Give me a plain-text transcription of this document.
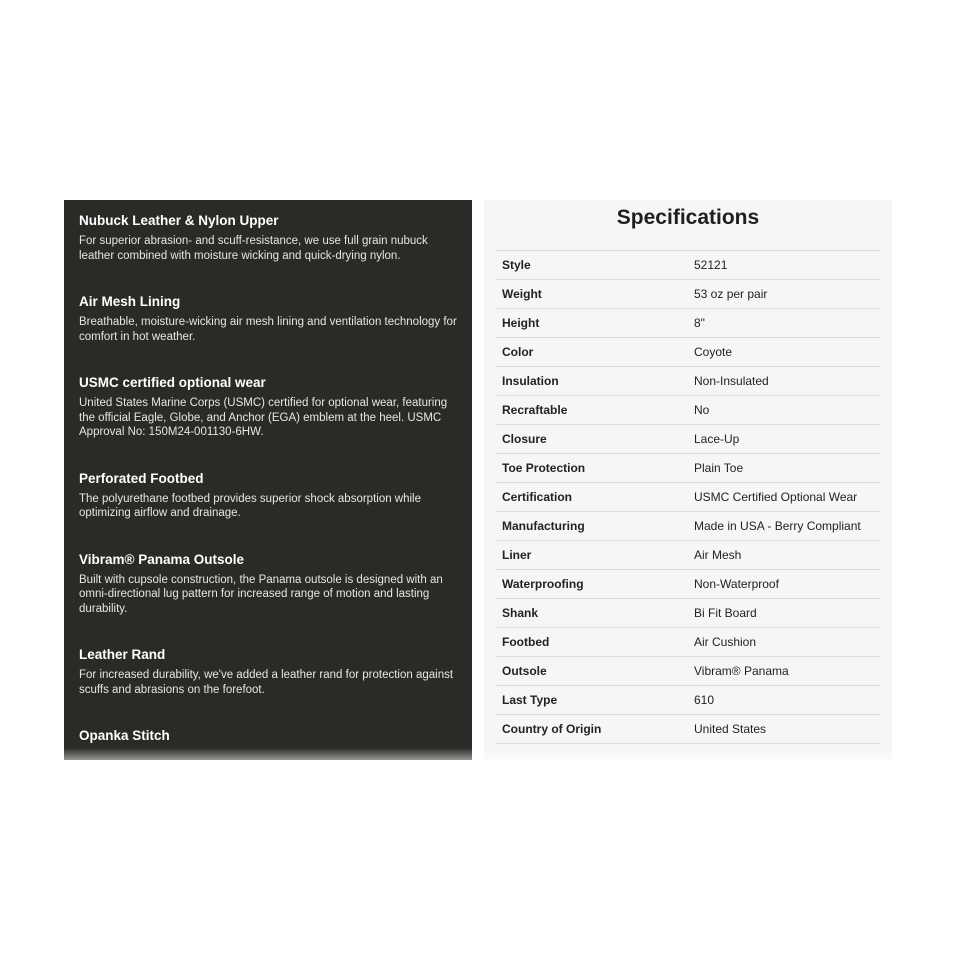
Nubuck Leather & Nylon Upper

For superior abrasion- and scuff-resistance, we use full grain nubuck leather combined with moisture wicking and quick-drying nylon.

Air Mesh Lining

Breathable, moisture-wicking air mesh lining and ventilation technology for comfort in hot weather.

USMC certified optional wear

United States Marine Corps (USMC) certified for optional wear, featuring the official Eagle, Globe, and Anchor (EGA) emblem at the heel. USMC Approval No: 150M24-001130-6HW.

Perforated Footbed

The polyurethane footbed provides superior shock absorption while optimizing airflow and drainage.

Vibram® Panama Outsole

Built with cupsole construction, the Panama outsole is designed with an omni-directional lug pattern for increased range of motion and lasting durability.

Leather Rand

For increased durability, we've added a leather rand for protection against scuffs and abrasions on the forefoot.

Opanka Stitch

Specifications
Style	52121
Weight	53 oz per pair
Height	8"
Color	Coyote
Insulation	Non-Insulated
Recraftable	No
Closure	Lace-Up
Toe Protection	Plain Toe
Certification	USMC Certified Optional Wear
Manufacturing	Made in USA - Berry Compliant
Liner	Air Mesh
Waterproofing	Non-Waterproof
Shank	Bi Fit Board
Footbed	Air Cushion
Outsole	Vibram® Panama
Last Type	610
Country of Origin	United States
